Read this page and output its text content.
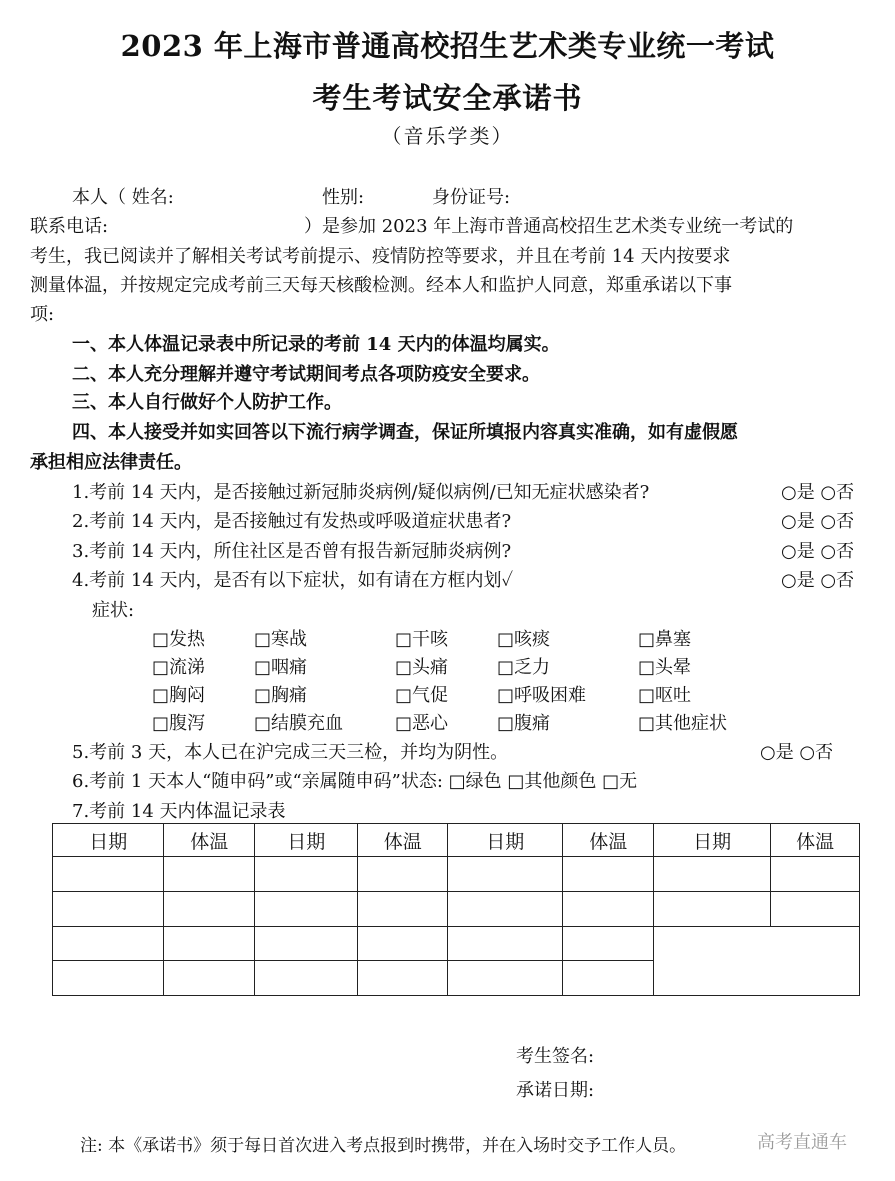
2023 年上海市普通高校招生艺术类专业统一考试
考生考试安全承诺书
（音乐学类）
本人（ 姓名:	性别:	身份证号:
联系电话:	）是参加 2023 年上海市普通高校招生艺术类专业统一考试的
考生，我已阅读并了解相关考试考前提示、疫情防控等要求，并且在考前 14 天内按要求
测量体温，并按规定完成考前三天每天核酸检测。经本人和监护人同意，郑重承诺以下事
项:
一、本人体温记录表中所记录的考前 14 天内的体温均属实。
二、本人充分理解并遵守考试期间考点各项防疫安全要求。
三、本人自行做好个人防护工作。
四、本人接受并如实回答以下流行病学调查，保证所填报内容真实准确，如有虚假愿
承担相应法律责任。
1.考前 14 天内，是否接触过新冠肺炎病例/疑似病例/已知无症状感染者?	○是 ○否
2.考前 14 天内，是否接触过有发热或呼吸道症状患者?	○是 ○否
3.考前 14 天内，所住社区是否曾有报告新冠肺炎病例?	○是 ○否
4.考前 14 天内，是否有以下症状，如有请在方框内划✓	○是 ○否
症状:
□发热	□寒战	□干咳	□咳痰	□鼻塞
□流涕	□咽痛	□头痛	□乏力	□头晕
□胸闷	□胸痛	□气促	□呼吸困难	□呕吐
□腹泻	□结膜充血	□恶心	□腹痛	□其他症状
5.考前 3 天，本人已在沪完成三天三检，并均为阴性。	○是 ○否
6.考前 1 天本人“随申码”或“亲属随申码”状态: □绿色 □其他颜色 □无
7.考前 14 天内体温记录表
日期	体温	日期	体温	日期	体温	日期	体温

考生签名:
承诺日期:
注: 本《承诺书》须于每日首次进入考点报到时携带，并在入场时交予工作人员。	高考直通车
